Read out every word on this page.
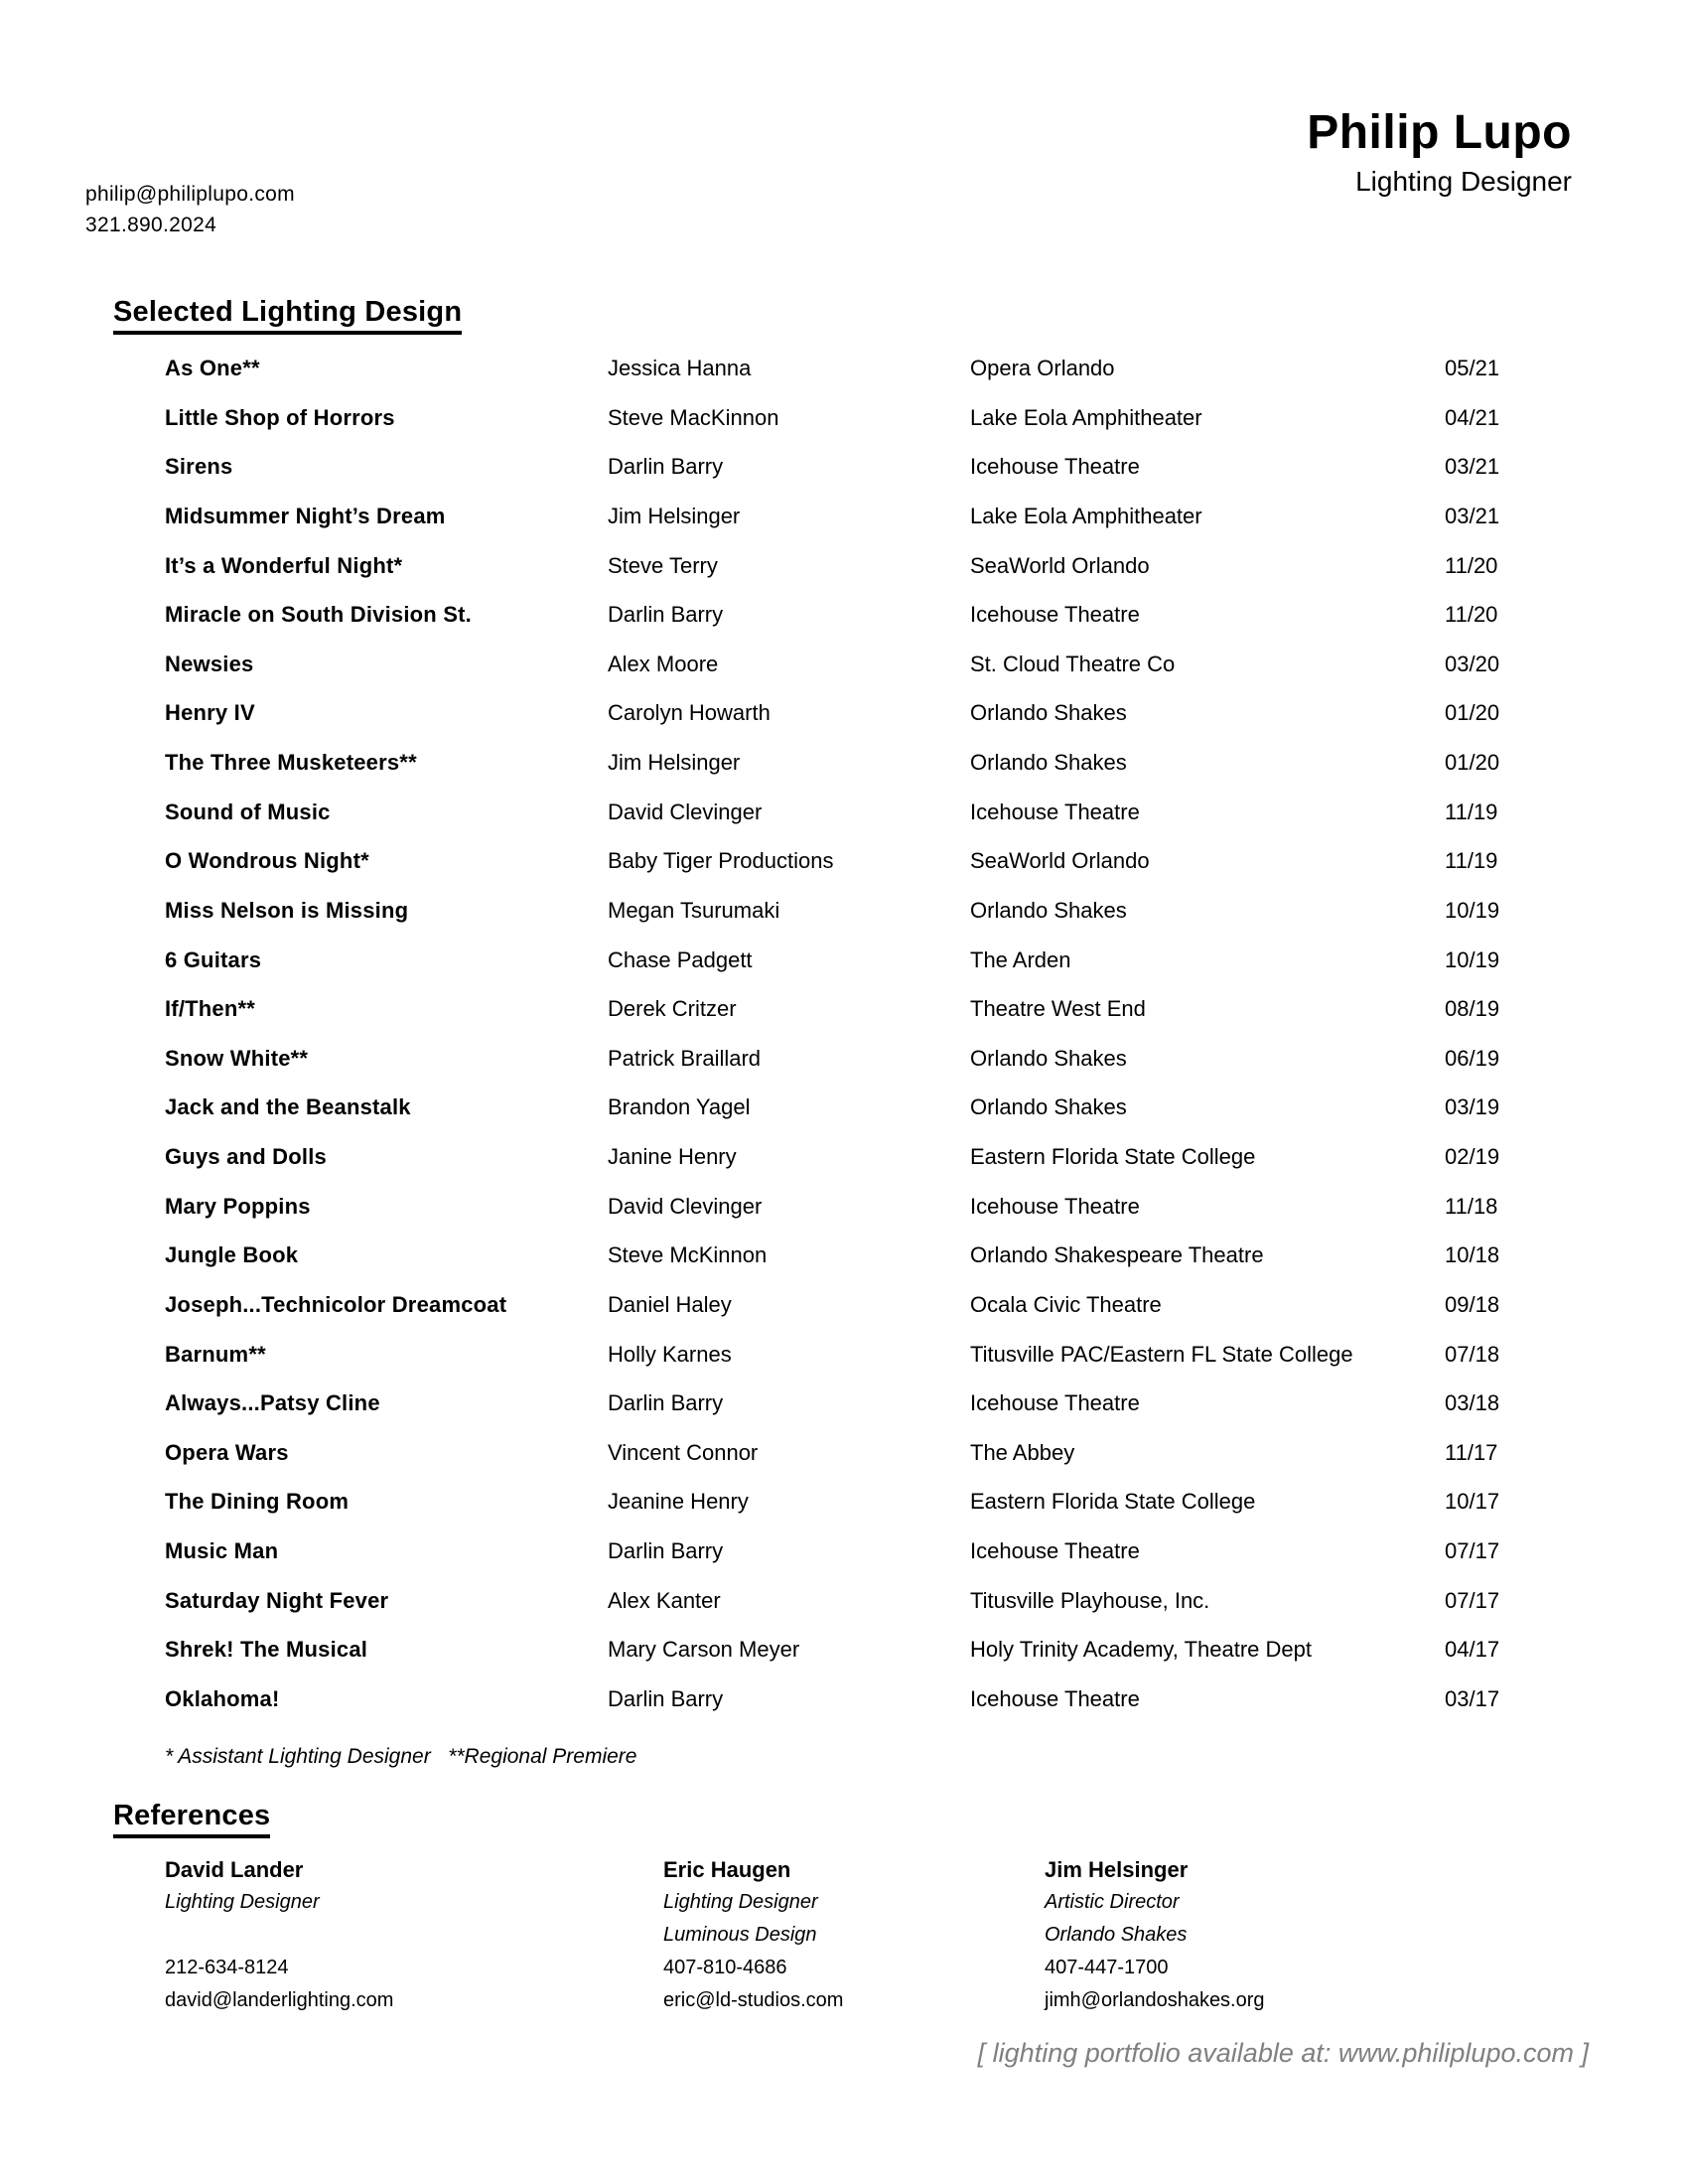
philip@philiplupo.com
321.890.2024
Philip Lupo
Lighting Designer
Selected Lighting Design
As One**	Jessica Hanna	Opera Orlando	05/21
Little Shop of Horrors	Steve MacKinnon	Lake Eola Amphitheater	04/21
Sirens	Darlin Barry	Icehouse Theatre	03/21
Midsummer Night’s Dream	Jim Helsinger	Lake Eola Amphitheater	03/21
It’s a Wonderful Night*	Steve Terry	SeaWorld Orlando	11/20
Miracle on South Division St.	Darlin Barry	Icehouse Theatre	11/20
Newsies	Alex Moore	St. Cloud Theatre Co	03/20
Henry IV	Carolyn Howarth	Orlando Shakes	01/20
The Three Musketeers**	Jim Helsinger	Orlando Shakes	01/20
Sound of Music	David Clevinger	Icehouse Theatre	11/19
O Wondrous Night*	Baby Tiger Productions	SeaWorld Orlando	11/19
Miss Nelson is Missing	Megan Tsurumaki	Orlando Shakes	10/19
6 Guitars	Chase Padgett	The Arden	10/19
If/Then**	Derek Critzer	Theatre West End	08/19
Snow White**	Patrick Braillard	Orlando Shakes	06/19
Jack and the Beanstalk	Brandon Yagel	Orlando Shakes	03/19
Guys and Dolls	Janine Henry	Eastern Florida State College	02/19
Mary Poppins	David Clevinger	Icehouse Theatre	11/18
Jungle Book	Steve McKinnon	Orlando Shakespeare Theatre	10/18
Joseph...Technicolor Dreamcoat	Daniel Haley	Ocala Civic Theatre	09/18
Barnum**	Holly Karnes	Titusville PAC/Eastern FL State College	07/18
Always...Patsy Cline	Darlin Barry	Icehouse Theatre	03/18
Opera Wars	Vincent Connor	The Abbey	11/17
The Dining Room	Jeanine Henry	Eastern Florida State College	10/17
Music Man	Darlin Barry	Icehouse Theatre	07/17
Saturday Night Fever	Alex Kanter	Titusville Playhouse, Inc.	07/17
Shrek! The Musical	Mary Carson Meyer	Holy Trinity Academy, Theatre Dept	04/17
Oklahoma!	Darlin Barry	Icehouse Theatre	03/17
* Assistant Lighting Designer   **Regional Premiere
References
David Lander
Lighting Designer
212-634-8124
david@landerlighting.com
Eric Haugen
Lighting Designer
Luminous Design
407-810-4686
eric@ld-studios.com
Jim Helsinger
Artistic Director
Orlando Shakes
407-447-1700
jimh@orlandoshakes.org
[ lighting portfolio available at: www.philiplupo.com ]
